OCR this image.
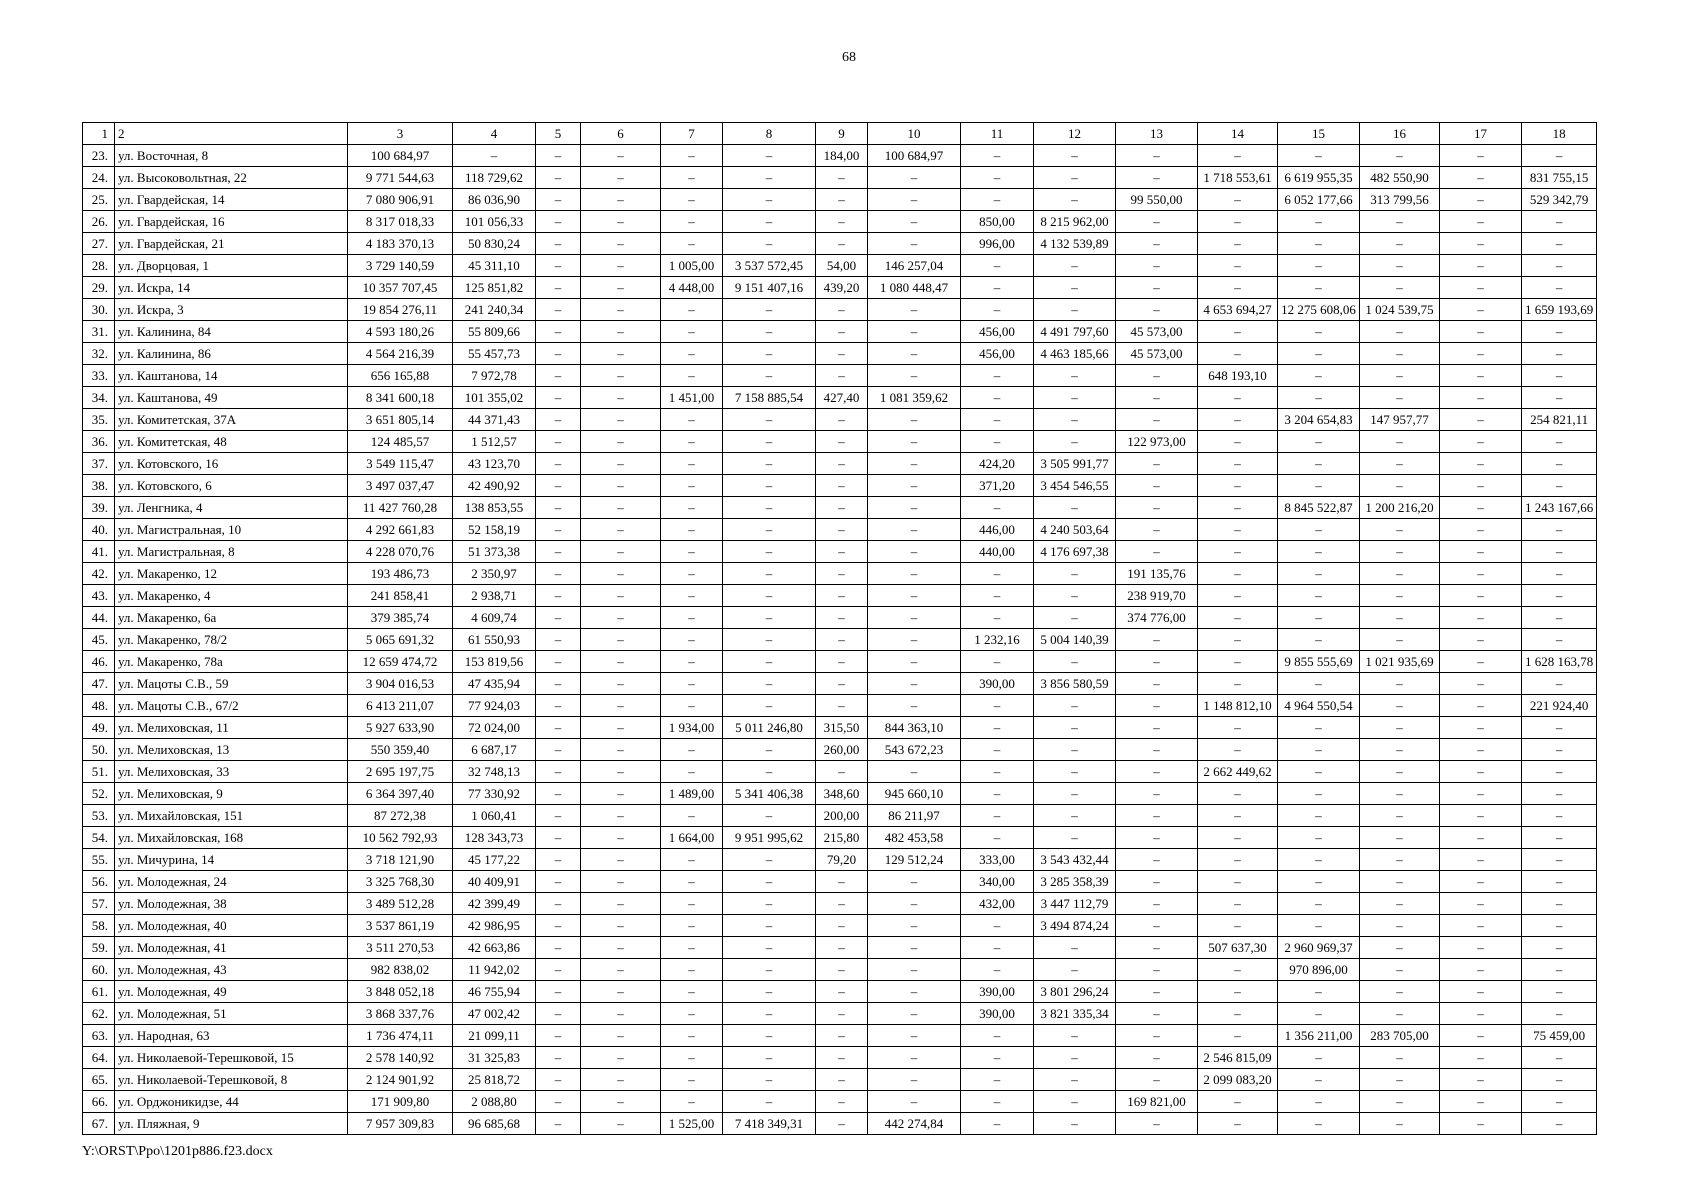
68
1	2	3	4	5	6	7	8	9	10	11	12	13	14	15	16	17	18
23.	ул. Восточная, 8	100 684,97	–	–	–	–	–	184,00	100 684,97	–	–	–	–	–	–	–	–
24.	ул. Высоковольтная, 22	9 771 544,63	118 729,62	–	–	–	–	–	–	–	–	–	1 718 553,61	6 619 955,35	482 550,90	–	831 755,15
25.	ул. Гвардейская, 14	7 080 906,91	86 036,90	–	–	–	–	–	–	–	–	99 550,00	–	6 052 177,66	313 799,56	–	529 342,79
26.	ул. Гвардейская, 16	8 317 018,33	101 056,33	–	–	–	–	–	–	850,00	8 215 962,00	–	–	–	–	–	–
27.	ул. Гвардейская, 21	4 183 370,13	50 830,24	–	–	–	–	–	–	996,00	4 132 539,89	–	–	–	–	–	–
28.	ул. Дворцовая, 1	3 729 140,59	45 311,10	–	–	1 005,00	3 537 572,45	54,00	146 257,04	–	–	–	–	–	–	–	–
29.	ул. Искра, 14	10 357 707,45	125 851,82	–	–	4 448,00	9 151 407,16	439,20	1 080 448,47	–	–	–	–	–	–	–	–
30.	ул. Искра, 3	19 854 276,11	241 240,34	–	–	–	–	–	–	–	–	–	4 653 694,27	12 275 608,06	1 024 539,75	–	1 659 193,69
31.	ул. Калинина, 84	4 593 180,26	55 809,66	–	–	–	–	–	–	456,00	4 491 797,60	45 573,00	–	–	–	–	–
32.	ул. Калинина, 86	4 564 216,39	55 457,73	–	–	–	–	–	–	456,00	4 463 185,66	45 573,00	–	–	–	–	–
33.	ул. Каштанова, 14	656 165,88	7 972,78	–	–	–	–	–	–	–	–	–	648 193,10	–	–	–	–
34.	ул. Каштанова, 49	8 341 600,18	101 355,02	–	–	1 451,00	7 158 885,54	427,40	1 081 359,62	–	–	–	–	–	–	–	–
35.	ул. Комитетская, 37А	3 651 805,14	44 371,43	–	–	–	–	–	–	–	–	–	–	3 204 654,83	147 957,77	–	254 821,11
36.	ул. Комитетская, 48	124 485,57	1 512,57	–	–	–	–	–	–	–	–	122 973,00	–	–	–	–	–
37.	ул. Котовского, 16	3 549 115,47	43 123,70	–	–	–	–	–	–	424,20	3 505 991,77	–	–	–	–	–	–
38.	ул. Котовского, 6	3 497 037,47	42 490,92	–	–	–	–	–	–	371,20	3 454 546,55	–	–	–	–	–	–
39.	ул. Ленгника, 4	11 427 760,28	138 853,55	–	–	–	–	–	–	–	–	–	–	8 845 522,87	1 200 216,20	–	1 243 167,66
40.	ул. Магистральная, 10	4 292 661,83	52 158,19	–	–	–	–	–	–	446,00	4 240 503,64	–	–	–	–	–	–
41.	ул. Магистральная, 8	4 228 070,76	51 373,38	–	–	–	–	–	–	440,00	4 176 697,38	–	–	–	–	–	–
42.	ул. Макаренко, 12	193 486,73	2 350,97	–	–	–	–	–	–	–	–	191 135,76	–	–	–	–	–
43.	ул. Макаренко, 4	241 858,41	2 938,71	–	–	–	–	–	–	–	–	238 919,70	–	–	–	–	–
44.	ул. Макаренко, 6а	379 385,74	4 609,74	–	–	–	–	–	–	–	–	374 776,00	–	–	–	–	–
45.	ул. Макаренко, 78/2	5 065 691,32	61 550,93	–	–	–	–	–	–	1 232,16	5 004 140,39	–	–	–	–	–	–
46.	ул. Макаренко, 78а	12 659 474,72	153 819,56	–	–	–	–	–	–	–	–	–	–	9 855 555,69	1 021 935,69	–	1 628 163,78
47.	ул. Мацоты С.В., 59	3 904 016,53	47 435,94	–	–	–	–	–	–	390,00	3 856 580,59	–	–	–	–	–	–
48.	ул. Мацоты С.В., 67/2	6 413 211,07	77 924,03	–	–	–	–	–	–	–	–	–	1 148 812,10	4 964 550,54	–	–	221 924,40
49.	ул. Мелиховская, 11	5 927 633,90	72 024,00	–	–	1 934,00	5 011 246,80	315,50	844 363,10	–	–	–	–	–	–	–	–
50.	ул. Мелиховская, 13	550 359,40	6 687,17	–	–	–	–	260,00	543 672,23	–	–	–	–	–	–	–	–
51.	ул. Мелиховская, 33	2 695 197,75	32 748,13	–	–	–	–	–	–	–	–	–	2 662 449,62	–	–	–	–
52.	ул. Мелиховская, 9	6 364 397,40	77 330,92	–	–	1 489,00	5 341 406,38	348,60	945 660,10	–	–	–	–	–	–	–	–
53.	ул. Михайловская, 151	87 272,38	1 060,41	–	–	–	–	200,00	86 211,97	–	–	–	–	–	–	–	–
54.	ул. Михайловская, 168	10 562 792,93	128 343,73	–	–	1 664,00	9 951 995,62	215,80	482 453,58	–	–	–	–	–	–	–	–
55.	ул. Мичурина, 14	3 718 121,90	45 177,22	–	–	–	–	79,20	129 512,24	333,00	3 543 432,44	–	–	–	–	–	–
56.	ул. Молодежная, 24	3 325 768,30	40 409,91	–	–	–	–	–	–	340,00	3 285 358,39	–	–	–	–	–	–
57.	ул. Молодежная, 38	3 489 512,28	42 399,49	–	–	–	–	–	–	432,00	3 447 112,79	–	–	–	–	–	–
58.	ул. Молодежная, 40	3 537 861,19	42 986,95	–	–	–	–	–	–	–	3 494 874,24	–	–	–	–	–	–
59.	ул. Молодежная, 41	3 511 270,53	42 663,86	–	–	–	–	–	–	–	–	–	507 637,30	2 960 969,37	–	–	–
60.	ул. Молодежная, 43	982 838,02	11 942,02	–	–	–	–	–	–	–	–	–	–	970 896,00	–	–	–
61.	ул. Молодежная, 49	3 848 052,18	46 755,94	–	–	–	–	–	–	390,00	3 801 296,24	–	–	–	–	–	–
62.	ул. Молодежная, 51	3 868 337,76	47 002,42	–	–	–	–	–	–	390,00	3 821 335,34	–	–	–	–	–	–
63.	ул. Народная, 63	1 736 474,11	21 099,11	–	–	–	–	–	–	–	–	–	–	1 356 211,00	283 705,00	–	75 459,00
64.	ул. Николаевой-Терешковой, 15	2 578 140,92	31 325,83	–	–	–	–	–	–	–	–	–	2 546 815,09	–	–	–	–
65.	ул. Николаевой-Терешковой, 8	2 124 901,92	25 818,72	–	–	–	–	–	–	–	–	–	2 099 083,20	–	–	–	–
66.	ул. Орджоникидзе, 44	171 909,80	2 088,80	–	–	–	–	–	–	–	–	169 821,00	–	–	–	–	–
67.	ул. Пляжная, 9	7 957 309,83	96 685,68	–	–	1 525,00	7 418 349,31	–	442 274,84	–	–	–	–	–	–	–	–
Y:\ORST\Ppo\1201p886.f23.docx
